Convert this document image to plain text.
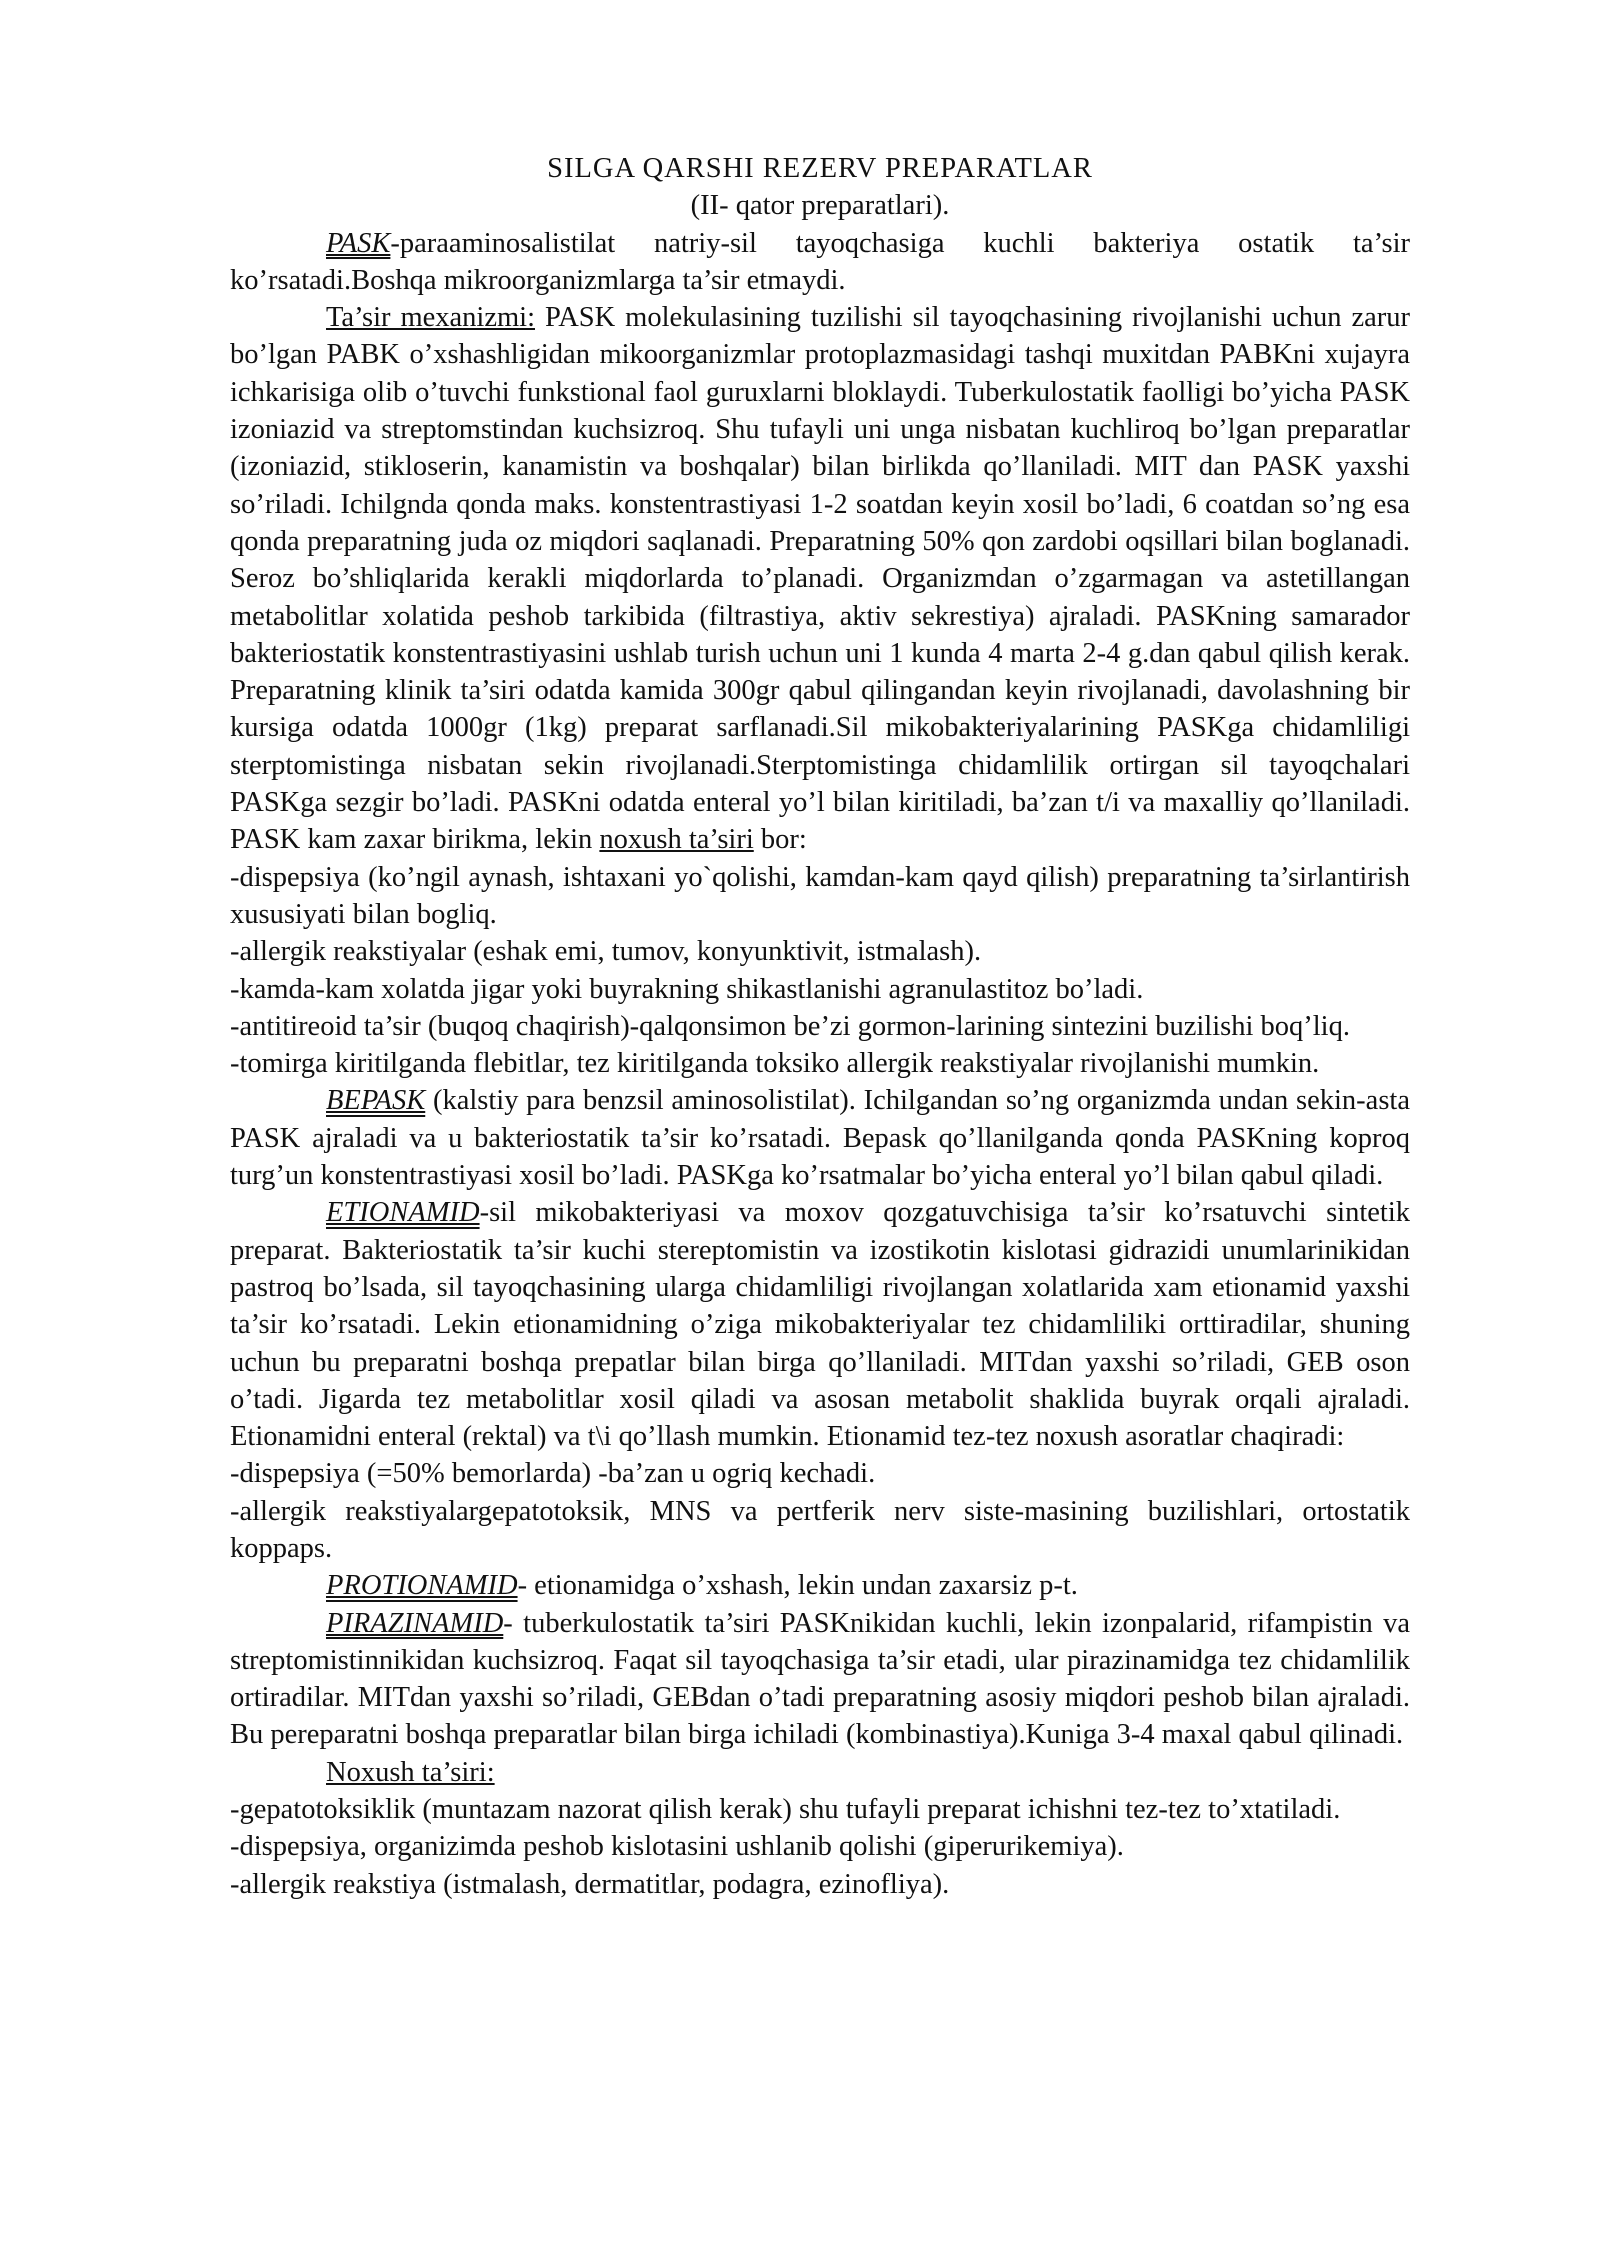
SILGA QARSHI REZERV PREPARATLAR
(II- qator preparatlari).

PASK-paraaminosalistilat natriy-sil tayoqchasiga kuchli bakteriya ostatik ta’sir ko’rsatadi.Boshqa mikroorganizmlarga ta’sir etmaydi.

Ta’sir mexanizmi: PASK molekulasining tuzilishi sil tayoqchasining rivojlanishi uchun zarur bo’lgan PABK o’xshashligidan mikoorganizmlar protoplazmasidagi tashqi muxitdan PABKni xujayra ichkarisiga olib o’tuvchi funkstional faol guruxlarni bloklaydi. Tuberkulostatik faolligi bo’yicha PASK izoniazid va streptomstindan kuchsizroq. Shu tufayli uni unga nisbatan kuchliroq bo’lgan preparatlar (izoniazid, stikloserin, kanamistin va boshqalar) bilan birlikda qo’llaniladi. MIT dan PASK yaxshi so’riladi. Ichilgnda qonda maks. konstentrastiyasi 1-2 soatdan keyin xosil bo’ladi, 6 coatdan so’ng esa qonda preparatning juda oz miqdori saqlanadi. Preparatning 50% qon zardobi oqsillari bilan boglanadi. Seroz bo’shliqlarida kerakli miqdorlarda to’planadi. Organizmdan o’zgarmagan va astetillangan metabolitlar xolatida peshob tarkibida (filtrastiya, aktiv sekrestiya) ajraladi. PASKning samarador bakteriostatik konstentrastiyasini ushlab turish uchun uni 1 kunda 4 marta 2-4 g.dan qabul qilish kerak. Preparatning klinik ta’siri odatda kamida 300gr qabul qilingandan keyin rivojlanadi, davolashning bir kursiga odatda 1000gr (1kg) preparat sarflanadi.Sil mikobakteriyalarining PASKga chidamliligi sterptomistinga nisbatan sekin rivojlanadi.Sterptomistinga chidamlilik ortirgan sil tayoqchalari PASKga sezgir bo’ladi. PASKni odatda enteral yo’l bilan kiritiladi, ba’zan t/i va maxalliy qo’llaniladi. PASK kam zaxar birikma, lekin noxush ta’siri bor:

-dispepsiya (ko’ngil aynash, ishtaxani yo`qolishi, kamdan-kam qayd qilish) preparatning ta’sirlantirish xususiyati bilan bogliq.

-allergik reakstiyalar (eshak emi, tumov, konyunktivit, istmalash).

-kamda-kam xolatda jigar yoki buyrakning shikastlanishi agranulastitoz bo’ladi.

-antitireoid ta’sir (buqoq chaqirish)-qalqonsimon be’zi gormon-larining sintezini buzilishi boq’liq.

-tomirga kiritilganda flebitlar, tez kiritilganda toksiko allergik reakstiyalar rivojlanishi mumkin.

BEPASK (kalstiy para benzsil aminosolistilat). Ichilgandan so’ng organizmda undan sekin-asta PASK ajraladi va u bakteriostatik ta’sir ko’rsatadi. Bepask qo’llanilganda qonda PASKning koproq turg’un konstentrastiyasi xosil bo’ladi. PASKga ko’rsatmalar bo’yicha enteral yo’l bilan qabul qiladi.

ETIONAMID-sil mikobakteriyasi va moxov qozgatuvchisiga ta’sir ko’rsatuvchi sintetik preparat. Bakteriostatik ta’sir kuchi stereptomistin va izostikotin kislotasi gidrazidi unumlarinikidan pastroq bo’lsada, sil tayoqchasining ularga chidamliligi rivojlangan xolatlarida xam etionamid yaxshi ta’sir ko’rsatadi. Lekin etionamidning o’ziga mikobakteriyalar tez chidamliliki orttiradilar, shuning uchun bu preparatni boshqa prepatlar bilan birga qo’llaniladi. MITdan yaxshi so’riladi, GEB oson o’tadi. Jigarda tez metabolitlar xosil qiladi va asosan metabolit shaklida buyrak orqali ajraladi. Etionamidni enteral (rektal) va t\i qo’llash mumkin. Etionamid tez-tez noxush asoratlar chaqiradi:

-dispepsiya (=50% bemorlarda) -ba’zan u ogriq kechadi.

-allergik reakstiyalargepatotoksik, MNS va pertferik nerv siste-masining buzilishlari, ortostatik koppaps.

PROTIONAMID- etionamidga o’xshash, lekin undan zaxarsiz p-t.

PIRAZINAMID- tuberkulostatik ta’siri PASKnikidan kuchli, lekin izonpalarid, rifampistin va streptomistinnikidan kuchsizroq. Faqat sil tayoqchasiga ta’sir etadi, ular pirazinamidga tez chidamlilik ortiradilar. MITdan yaxshi so’riladi, GEBdan o’tadi preparatning asosiy miqdori peshob bilan ajraladi. Bu pereparatni boshqa preparatlar bilan birga ichiladi (kombinastiya).Kuniga 3-4 maxal qabul qilinadi.

Noxush ta’siri:

-gepatotoksiklik (muntazam nazorat qilish kerak) shu tufayli preparat ichishni tez-tez to’xtatiladi.

-dispepsiya, organizimda peshob kislotasini ushlanib qolishi (giperurikemiya).

-allergik reakstiya (istmalash, dermatitlar, podagra, ezinofliya).
